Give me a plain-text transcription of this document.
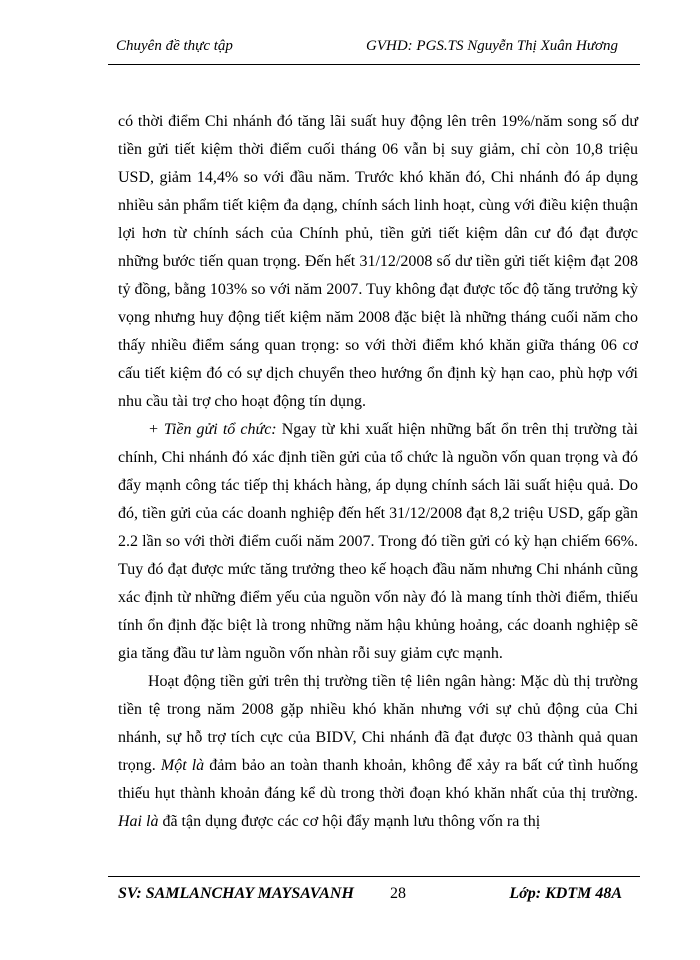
Chuyên đề thực tập	GVHD: PGS.TS Nguyễn Thị Xuân Hương

có thời điểm Chi nhánh đó tăng lãi suất huy động lên trên 19%/năm song số dư tiền gửi tiết kiệm thời điểm cuối tháng 06 vẫn bị suy giảm, chỉ còn 10,8 triệu USD, giảm 14,4% so với đầu năm. Trước khó khăn đó, Chi nhánh đó áp dụng nhiều sản phẩm tiết kiệm đa dạng, chính sách linh hoạt, cùng với điều kiện thuận lợi hơn từ chính sách của Chính phủ, tiền gửi tiết kiệm dân cư đó đạt được những bước tiến quan trọng. Đến hết 31/12/2008 số dư tiền gửi tiết kiệm đạt 208 tỷ đồng, bằng 103% so với năm 2007. Tuy không đạt được tốc độ tăng trưởng kỳ vọng nhưng huy động tiết kiệm năm 2008 đặc biệt là những tháng cuối năm cho thấy nhiều điểm sáng quan trọng: so với thời điểm khó khăn giữa tháng 06 cơ cấu tiết kiệm đó có sự dịch chuyển theo hướng ổn định kỳ hạn cao, phù hợp với nhu cầu tài trợ cho hoạt động tín dụng.

+ Tiền gửi tổ chức: Ngay từ khi xuất hiện những bất ổn trên thị trường tài chính, Chi nhánh đó xác định tiền gửi của tổ chức là nguồn vốn quan trọng và đó đẩy mạnh công tác tiếp thị khách hàng, áp dụng chính sách lãi suất hiệu quả. Do đó, tiền gửi của các doanh nghiệp đến hết 31/12/2008 đạt 8,2 triệu USD, gấp gần 2.2 lần so với thời điểm cuối năm 2007. Trong đó tiền gửi có kỳ hạn chiếm 66%. Tuy đó đạt được mức tăng trưởng theo kế hoạch đầu năm nhưng Chi nhánh cũng xác định từ những điểm yếu của nguồn vốn này đó là mang tính thời điểm, thiếu tính ổn định đặc biệt là trong những năm hậu khủng hoảng, các doanh nghiệp sẽ gia tăng đầu tư làm nguồn vốn nhàn rỗi suy giảm cực mạnh.

Hoạt động tiền gửi trên thị trường tiền tệ liên ngân hàng: Mặc dù thị trường tiền tệ trong năm 2008 gặp nhiều khó khăn nhưng với sự chủ động của Chi nhánh, sự hỗ trợ tích cực của BIDV, Chi nhánh đã đạt được 03 thành quả quan trọng. Một là đảm bảo an toàn thanh khoản, không để xảy ra bất cứ tình huống thiếu hụt thành khoản đáng kể dù trong thời đoạn khó khăn nhất của thị trường. Hai là đã tận dụng được các cơ hội đẩy mạnh lưu thông vốn ra thị

SV: SAMLANCHAY MAYSAVANH 28	Lớp: KDTM 48A
